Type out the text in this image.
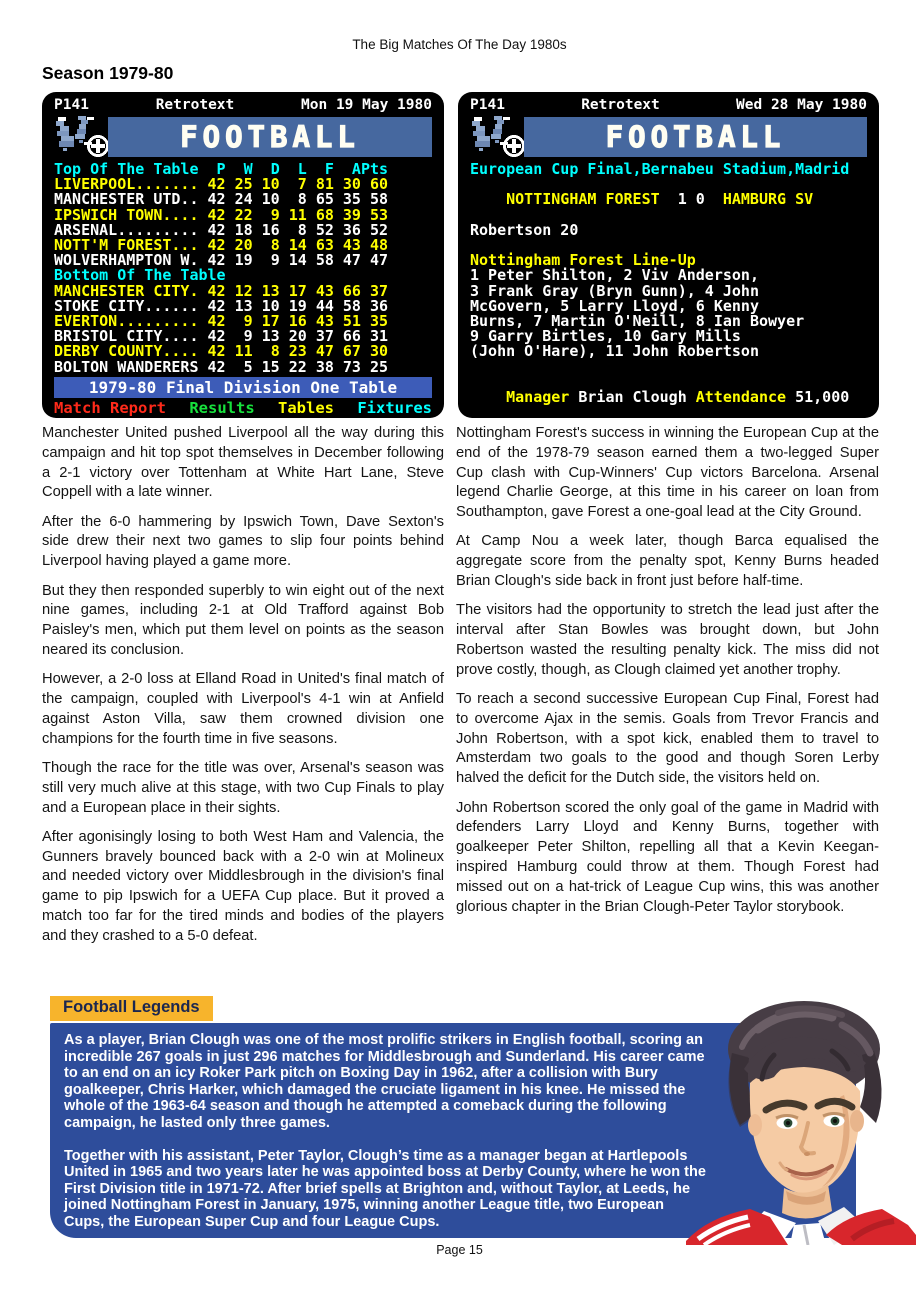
The Big Matches Of The Day 1980s
Season 1979-80
P141	Retrotext	Mon 19 May 1980
FOOTBALL
Top Of The Table	P	W	D	L	F	A Pts
LIVERPOOL....... 42 25 10	7 81 30 60
MANCHESTER UTD.. 42 24 10	8 65 35 58
IPSWICH TOWN.... 42 22	9 11 68 39 53
ARSENAL......... 42 18 16	8 52 36 52
NOTT'M FOREST... 42 20	8 14 63 43 48
WOLVERHAMPTON W. 42 19	9 14 58 47 47
Bottom Of The Table
MANCHESTER CITY. 42 12 13 17 43 66 37
STOKE CITY...... 42 13 10 19 44 58 36
EVERTON......... 42	9 17 16 43 51 35
BRISTOL CITY.... 42	9 13 20 37 66 31
DERBY COUNTY.... 42 11	8 23 47 67 30
BOLTON WANDERERS 42	5 15 22 38 73 25
1979-80 Final Division One Table
Match Report Results Tables Fixtures
P141	Retrotext	Wed 28 May 1980
FOOTBALL
European Cup Final,Bernabeu Stadium,Madrid

NOTTINGHAM FOREST 1 0 HAMBURG SV

Robertson 20
Nottingham Forest Line-Up
1 Peter Shilton, 2 Viv Anderson,
3 Frank Gray (Bryn Gunn), 4 John
McGovern, 5 Larry Lloyd, 6 Kenny
Burns, 7 Martin O'Neill, 8 Ian Bowyer
9 Garry Birtles, 10 Gary Mills
(John O'Hare), 11 John Robertson

Manager Brian Clough Attendance 51,000

Manchester United pushed Liverpool all the way during this campaign and hit top spot themselves in December following a 2-1 victory over Tottenham at White Hart Lane, Steve Coppell with a late winner.

After the 6-0 hammering by Ipswich Town, Dave Sexton's side drew their next two games to slip four points behind Liverpool having played a game more.

But they then responded superbly to win eight out of the next nine games, including 2-1 at Old Trafford against Bob Paisley's men, which put them level on points as the season neared its conclusion.

However, a 2-0 loss at Elland Road in United's final match of the campaign, coupled with Liverpool's 4-1 win at Anfield against Aston Villa, saw them crowned division one champions for the fourth time in five seasons.

Though the race for the title was over, Arsenal's season was still very much alive at this stage, with two Cup Finals to play and a European place in their sights.

After agonisingly losing to both West Ham and Valencia, the Gunners bravely bounced back with a 2-0 win at Molineux and needed victory over Middlesbrough in the division's final game to pip Ipswich for a UEFA Cup place. But it proved a match too far for the tired minds and bodies of the players and they crashed to a 5-0 defeat.

Nottingham Forest's success in winning the European Cup at the end of the 1978-79 season earned them a two-legged Super Cup clash with Cup-Winners' Cup victors Barcelona. Arsenal legend Charlie George, at this time in his career on loan from Southampton, gave Forest a one-goal lead at the City Ground.

At Camp Nou a week later, though Barca equalised the aggregate score from the penalty spot, Kenny Burns headed Brian Clough's side back in front just before half-time.

The visitors had the opportunity to stretch the lead just after the interval after Stan Bowles was brought down, but John Robertson wasted the resulting penalty kick. The miss did not prove costly, though, as Clough claimed yet another trophy.

To reach a second successive European Cup Final, Forest had to overcome Ajax in the semis. Goals from Trevor Francis and John Robertson, with a spot kick, enabled them to travel to Amsterdam two goals to the good and though Soren Lerby halved the deficit for the Dutch side, the visitors held on.

John Robertson scored the only goal of the game in Madrid with defenders Larry Lloyd and Kenny Burns, together with goalkeeper Peter Shilton, repelling all that a Kevin Keegan-inspired Hamburg could throw at them. Though Forest had missed out on a hat-trick of League Cup wins, this was another glorious chapter in the Brian Clough-Peter Taylor storybook.

Football Legends

As a player, Brian Clough was one of the most prolific strikers in English football, scoring an incredible 267 goals in just 296 matches for Middlesbrough and Sunderland. His career came to an end on an icy Roker Park pitch on Boxing Day in 1962, after a collision with Bury goalkeeper, Chris Harker, which damaged the cruciate ligament in his knee. He missed the whole of the 1963-64 season and though he attempted a comeback during the following campaign, he lasted only three games.

Together with his assistant, Peter Taylor, Clough’s time as a manager began at Hartlepools United in 1965 and two years later he was appointed boss at Derby County, where he won the First Division title in 1971-72. After brief spells at Brighton and, without Taylor, at Leeds, he joined Nottingham Forest in January, 1975, winning another League title, two European Cups, the European Super Cup and four League Cups.

Page 15
